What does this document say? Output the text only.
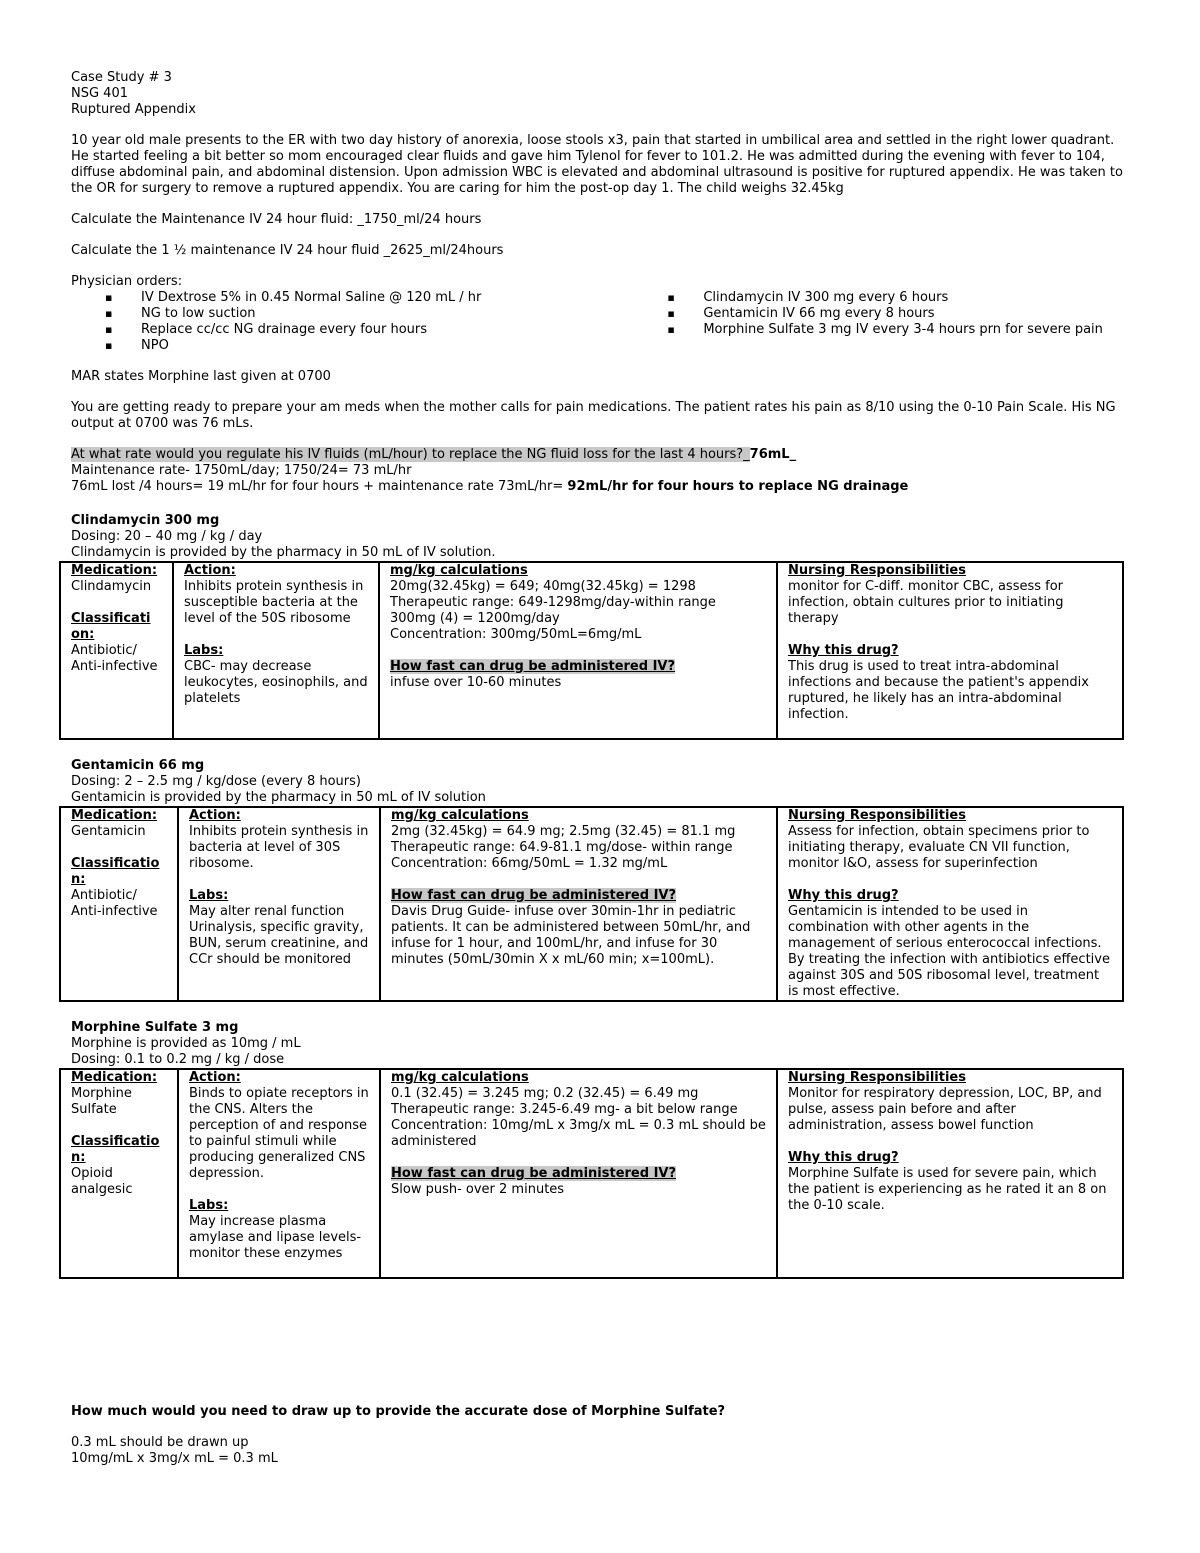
Case Study # 3

NSG 401

Ruptured Appendix

10 year old male presents to the ER with two day history of anorexia, loose stools x3, pain that started in umbilical area and settled in the right lower quadrant. He started feeling a bit better so mom encouraged clear fluids and gave him Tylenol for fever to 101.2. He was admitted during the evening with fever to 104, diffuse abdominal pain, and abdominal distension. Upon admission WBC is elevated and abdominal ultrasound is positive for ruptured appendix. He was taken to the OR for surgery to remove a ruptured appendix. You are caring for him the post-op day 1. The child weighs 32.45kg

Calculate the Maintenance IV 24 hour fluid: _1750_ml/24 hours

Calculate the 1 ½ maintenance IV 24 hour fluid _2625_ml/24hours

Physician orders:

▪ IV Dextrose 5% in 0.45 Normal Saline @ 120 mL / hr
▪ NG to low suction
▪ Replace cc/cc NG drainage every four hours
▪ NPO
▪ Clindamycin IV 300 mg every 6 hours
▪ Gentamicin IV 66 mg every 8 hours
▪ Morphine Sulfate 3 mg IV every 3-4 hours prn for severe pain

MAR states Morphine last given at 0700

You are getting ready to prepare your am meds when the mother calls for pain medications. The patient rates his pain as 8/10 using the 0-10 Pain Scale. His NG output at 0700 was 76 mLs.

At what rate would you regulate his IV fluids (mL/hour) to replace the NG fluid loss for the last 4 hours?_76mL_

Maintenance rate- 1750mL/day; 1750/24= 73 mL/hr

76mL lost /4 hours= 19 mL/hr for four hours + maintenance rate 73mL/hr= 92mL/hr for four hours to replace NG drainage

Clindamycin 300 mg

Dosing: 20 – 40 mg / kg / day

Clindamycin is provided by the pharmacy in 50 mL of IV solution.

Medication:
Clindamycin
Classificati
on:
Antibiotic/
Anti-infective

Action:
Inhibits protein synthesis in susceptible bacteria at the level of the 50S ribosome
Labs:
CBC- may decrease leukocytes, eosinophils, and platelets

mg/kg calculations
20mg(32.45kg) = 649; 40mg(32.45kg) = 1298
Therapeutic range: 649-1298mg/day-within range
300mg (4) = 1200mg/day
Concentration: 300mg/50mL=6mg/mL
How fast can drug be administered IV?
infuse over 10-60 minutes

Nursing Responsibilities
monitor for C-diff. monitor CBC, assess for infection, obtain cultures prior to initiating therapy
Why this drug?
This drug is used to treat intra-abdominal infections and because the patient's appendix ruptured, he likely has an intra-abdominal infection.

Gentamicin 66 mg

Dosing: 2 – 2.5 mg / kg/dose (every 8 hours)

Gentamicin is provided by the pharmacy in 50 mL of IV solution

Medication:
Gentamicin
Classificatio
n:
Antibiotic/
Anti-infective

Action:
Inhibits protein synthesis in bacteria at level of 30S ribosome.
Labs:
May alter renal function Urinalysis, specific gravity, BUN, serum creatinine, and CCr should be monitored

mg/kg calculations
2mg (32.45kg) = 64.9 mg; 2.5mg (32.45) = 81.1 mg
Therapeutic range: 64.9-81.1 mg/dose- within range
Concentration: 66mg/50mL = 1.32 mg/mL
How fast can drug be administered IV?
Davis Drug Guide- infuse over 30min-1hr in pediatric patients. It can be administered between 50mL/hr, and infuse for 1 hour, and 100mL/hr, and infuse for 30 minutes (50mL/30min X x mL/60 min; x=100mL).

Nursing Responsibilities
Assess for infection, obtain specimens prior to initiating therapy, evaluate CN VII function, monitor I&O, assess for superinfection
Why this drug?
Gentamicin is intended to be used in combination with other agents in the management of serious enterococcal infections. By treating the infection with antibiotics effective against 30S and 50S ribosomal level, treatment is most effective.

Morphine Sulfate 3 mg

Morphine is provided as 10mg / mL

Dosing: 0.1 to 0.2 mg / kg / dose

Medication:
Morphine Sulfate
Classificatio
n:
Opioid
analgesic

Action:
Binds to opiate receptors in the CNS. Alters the perception of and response to painful stimuli while producing generalized CNS depression.
Labs:
May increase plasma amylase and lipase levels- monitor these enzymes

mg/kg calculations
0.1 (32.45) = 3.245 mg; 0.2 (32.45) = 6.49 mg
Therapeutic range: 3.245-6.49 mg- a bit below range
Concentration: 10mg/mL x 3mg/x mL = 0.3 mL should be administered
How fast can drug be administered IV?
Slow push- over 2 minutes

Nursing Responsibilities
Monitor for respiratory depression, LOC, BP, and pulse, assess pain before and after administration, assess bowel function
Why this drug?
Morphine Sulfate is used for severe pain, which the patient is experiencing as he rated it an 8 on the 0-10 scale.

How much would you need to draw up to provide the accurate dose of Morphine Sulfate?

0.3 mL should be drawn up

10mg/mL x 3mg/x mL = 0.3 mL
